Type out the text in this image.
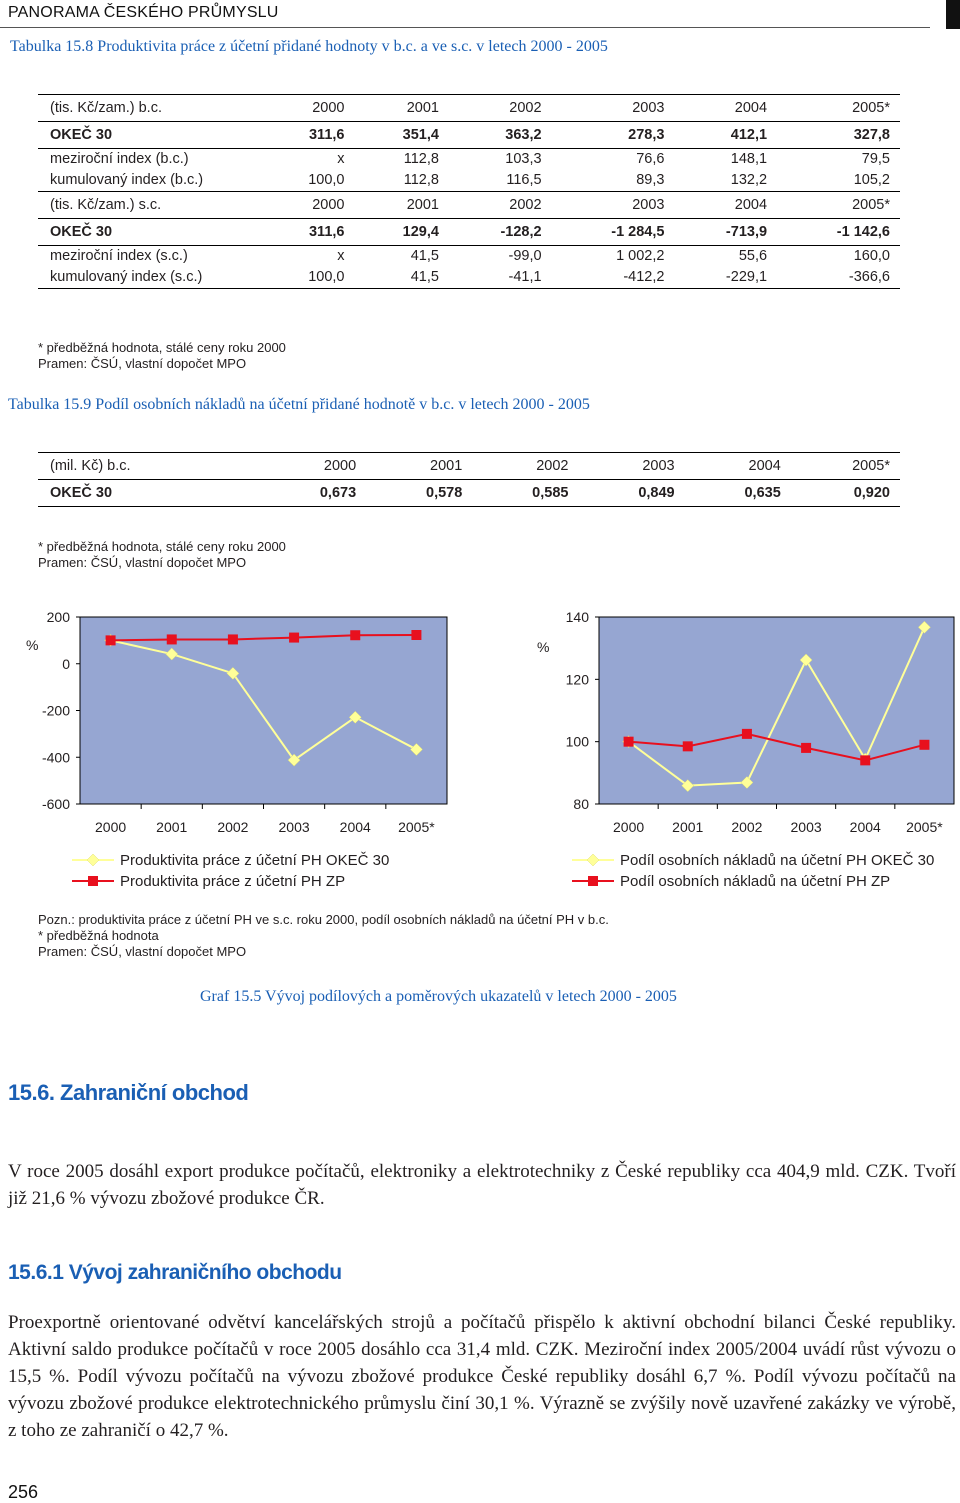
PANORAMA ČESKÉHO PRŮMYSLU
Tabulka 15.8 Produktivita práce z účetní přidané hodnoty v b.c. a ve s.c. v letech 2000 - 2005
(tis. Kč/zam.) b.c.	2000	2001	2002	2003	2004	2005*
OKEČ 30	311,6	351,4	363,2	278,3	412,1	327,8
meziroční index (b.c.)	x	112,8	103,3	76,6	148,1	79,5
kumulovaný index (b.c.)	100,0	112,8	116,5	89,3	132,2	105,2
(tis. Kč/zam.) s.c.	2000	2001	2002	2003	2004	2005*
OKEČ 30	311,6	129,4	-128,2	-1 284,5	-713,9	-1 142,6
meziroční index (s.c.)	x	41,5	-99,0	1 002,2	55,6	160,0
kumulovaný index (s.c.)	100,0	41,5	-41,1	-412,2	-229,1	-366,6
* předběžná hodnota, stálé ceny roku 2000
Pramen: ČSÚ, vlastní dopočet MPO
Tabulka 15.9 Podíl osobních nákladů na účetní přidané hodnotě v b.c. v letech 2000 - 2005
(mil. Kč) b.c.	2000	2001	2002	2003	2004	2005*
OKEČ 30	0,673	0,578	0,585	0,849	0,635	0,920
* předběžná hodnota, stálé ceny roku 2000
Pramen: ČSÚ, vlastní dopočet MPO
200
0
-200
-400
-600
%
2000 2001 2002 2003 2004 2005*
Produktivita práce z účetní PH OKEČ 30
Produktivita práce z účetní PH ZP
140
120
100
80
%
2000 2001 2002 2003 2004 2005*
Podíl osobních nákladů na účetní PH OKEČ 30
Podíl osobních nákladů na účetní PH ZP
Pozn.: produktivita práce z účetní PH ve s.c. roku 2000, podíl osobních nákladů na účetní PH v b.c.
* předběžná hodnota
Pramen: ČSÚ, vlastní dopočet MPO
Graf 15.5 Vývoj podílových a poměrových ukazatelů v letech 2000 - 2005
15.6. Zahraniční obchod
V roce 2005 dosáhl export produkce počítačů, elektroniky a elektrotechniky z České republiky cca 404,9 mld. CZK. Tvoří již 21,6 % vývozu zbožové produkce ČR.
15.6.1 Vývoj zahraničního obchodu
Proexportně orientované odvětví kancelářských strojů a počítačů přispělo k aktivní obchodní bilanci České republiky. Aktivní saldo produkce počítačů v roce 2005 dosáhlo cca 31,4 mld. CZK. Meziroční index 2005/2004 uvádí růst vývozu o 15,5 %. Podíl vývozu počítačů na vývozu zbožové produkce České republiky dosáhl 6,7 %. Podíl vývozu počítačů na vývozu zbožové produkce elektrotechnického průmyslu činí 30,1 %. Výrazně se zvýšily nově uzavřené zakázky ve výrobě, z toho ze zahraničí o 42,7 %.
256
